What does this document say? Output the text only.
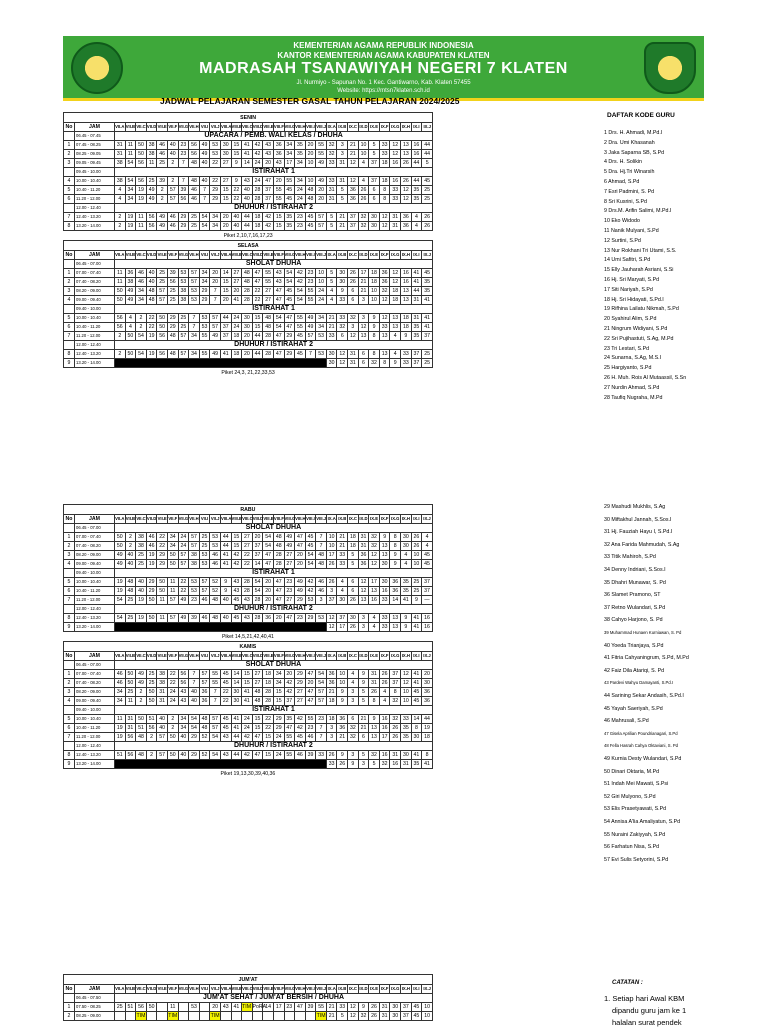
KEMENTERIAN AGAMA REPUBLIK INDONESIA
KANTOR KEMENTERIAN AGAMA KABUPATEN KLATEN
MADRASAH TSANAWIYAH NEGERI 7 KLATEN
Jl. Nurmiyo - Sapunan No. 1 Kec. Gantiwarno, Kab. Klaten 57455
Website: https://mtsn7klaten.sch.id
JADWAL PELAJARAN SEMESTER GASAL TAHUN PELAJARAN 2024/2025
DAFTAR KODE GURU
SENIN																															
No	JAM	VII.A	VII.B	VII.C	VII.D	VII.E	VII.F	VII.G	VII.H	VII.I	VII.J	VIII.A	VIII.B	VIII.C	VIII.D	VIII.E	VIII.F	VIII.G	VIII.H	VIII.I	VIII.J	IX.A	IX.B	IX.C	IX.D	IX.E	IX.F	IX.G	IX.H	IX.I	IX.J
	06.45 - 07.45	UPACARA / PEMB. WALI KELAS / DHUHA																													
1	07.45 - 08.25	31	11	50	38	46	40	23	56	49	53	30	15	41	42	43	36	34	35	20	55	32	3	21	10	5	33	12	13	16	44
2	08.25 - 09.05	31	11	50	38	46	40	23	56	49	53	30	15	41	42	43	36	34	35	20	55	32	3	21	10	5	33	12	13	16	44
3	09.05 - 09.45	38	54	56	11	25	2	7	48	40	22	27	9	14	24	20	43	17	34	10	49	33	31	12	4	37	18	16	26	44	5
	09.45 - 10.00	ISTIRAHAT 1																													
4	10.00 - 10.40	38	54	56	25	39	2	7	48	40	22	27	9	43	24	47	20	55	34	10	49	33	31	12	4	37	18	16	26	44	45
5	10.40 - 11.20	4	34	19	49	2	57	39	46	7	29	15	22	40	28	37	55	45	24	48	20	31	5	36	26	6	8	33	12	35	25
6	11.20 - 12.00	4	34	19	49	2	57	56	46	7	29	15	22	40	28	37	55	45	24	48	20	31	5	36	26	6	8	33	12	35	25
	12.00 - 12.40	DHUHUR / ISTIRAHAT 2																													
7	12.40 - 13.20	2	19	11	56	49	46	29	25	54	34	20	40	44	18	42	15	35	23	45	57	5	21	37	32	30	12	31	36	4	26
8	13.20 - 14.00	2	19	11	56	49	46	29	25	54	34	20	40	44	18	42	15	35	23	45	57	5	21	37	32	30	12	31	36	4	26
Piket 2,10,7,16,17,23																															
SELASA																															
No	JAM	VII.A	VII.B	VII.C	VII.D	VII.E	VII.F	VII.G	VII.H	VII.I	VII.J	VIII.A	VIII.B	VIII.C	VIII.D	VIII.E	VIII.F	VIII.G	VIII.H	VIII.I	VIII.J	IX.A	IX.B	IX.C	IX.D	IX.E	IX.F	IX.G	IX.H	IX.I	IX.J
	06.45 - 07.00	SHOLAT DHUHA																													
1	07.00 - 07.40	11	36	46	40	25	39	53	57	34	20	14	27	48	47	55	43	54	42	23	10	5	30	26	17	18	36	12	16	41	45
2	07.40 - 08.20	11	38	46	40	25	56	53	57	34	20	15	27	48	47	55	43	54	42	23	10	5	30	26	21	18	36	12	16	41	35
3	08.20 - 09.00	50	49	34	48	57	25	38	53	29	7	15	20	28	22	27	47	45	54	55	24	4	9	6	21	10	32	18	13	44	35
4	09.00 - 09.40	50	49	34	48	57	25	38	53	29	7	20	41	28	22	27	47	45	54	55	24	4	33	6	3	10	12	18	13	31	41
	09.40 - 10.00	ISTIRAHAT 1																													
5	10.00 - 10.40	56	4	2	22	50	29	25	7	53	57	44	24	30	15	48	54	47	55	49	34	21	33	32	3	9	12	13	18	31	41
6	10.40 - 11.20	56	4	2	22	50	29	25	7	53	57	37	24	30	15	48	54	47	55	49	34	21	32	3	12	9	33	13	18	35	41
7	11.20 - 12.00	2	50	54	19	56	48	57	34	55	49	37	18	20	44	28	47	29	45	57	53	33	6	12	13	8	13	4	9	35	37
	12.00 - 12.40	DHUHUR / ISTIRAHAT 2																													
8	12.40 - 13.20	2	50	54	19	56	48	57	34	55	49	41	18	20	44	28	47	29	45	7	53	30	12	31	6	8	13	4	33	37	25
9	13.20 - 14.00																					30	12	31	6	32	8	9	33	37	25
Piket 24,3, 21,22,33,53																															
RABU																															
No	JAM	VII.A	VII.B	VII.C	VII.D	VII.E	VII.F	VII.G	VII.H	VII.I	VII.J	VIII.A	VIII.B	VIII.C	VIII.D	VIII.E	VIII.F	VIII.G	VIII.H	VIII.I	VIII.J	IX.A	IX.B	IX.C	IX.D	IX.E	IX.F	IX.G	IX.H	IX.I	IX.J
	06.45 - 07.00	SHOLAT DHUHA																													
1	07.00 - 07.40	50	2	38	46	22	34	24	57	25	53	44	15	27	20	54	48	49	47	45	7	10	21	18	31	32	9	8	30	26	4
2	07.40 - 08.20	50	2	38	46	22	34	24	57	25	53	44	15	27	37	54	48	49	47	45	7	10	21	18	31	32	13	8	30	26	4
3	08.20 - 09.00	49	40	25	19	29	50	57	38	53	46	41	42	22	37	47	28	27	20	54	48	17	33	5	36	12	13	9	4	10	45
4	09.00 - 09.40	49	40	25	19	29	50	57	38	53	46	41	42	22	14	47	28	27	20	54	48	26	33	5	36	12	30	9	4	10	45
	09.40 - 10.00	ISTIRAHAT 1																													
5	10.00 - 10.40	19	48	40	29	50	11	22	53	57	52	9	43	28	54	20	47	23	49	42	46	26	4	6	12	17	30	36	35	25	37
6	10.40 - 11.20	19	48	40	29	50	11	22	53	57	52	9	43	28	54	20	47	23	49	42	46	3	4	6	12	13	16	36	35	25	37
7	11.20 - 12.00	54	25	19	50	11	57	49	23	46	48	40	45	43	28	20	47	27	29	53	3	37	30	26	13	16	33	14	41	9	—
	12.00 - 12.40	DHUHUR / ISTIRAHAT 2																													
8	12.40 - 13.20	54	25	19	50	11	57	49	39	46	48	40	45	43	28	36	20	47	23	29	53	12	37	30	3	4	33	13	9	41	16
9	13.20 - 14.00																					12	17	26	3	4	33	13	9	41	16
Piket 14,5,21,42,40,41																															
KAMIS																															
No	JAM	VII.A	VII.B	VII.C	VII.D	VII.E	VII.F	VII.G	VII.H	VII.I	VII.J	VIII.A	VIII.B	VIII.C	VIII.D	VIII.E	VIII.F	VIII.G	VIII.H	VIII.I	VIII.J	IX.A	IX.B	IX.C	IX.D	IX.E	IX.F	IX.G	IX.H	IX.I	IX.J
	06.45 - 07.00	SHOLAT DHUHA																													
1	07.00 - 07.40	46	50	49	25	38	22	56	7	57	55	45	14	15	27	18	34	20	29	47	54	36	10	4	9	31	26	37	12	41	20
2	07.40 - 08.20	46	50	49	25	38	22	56	7	57	55	45	14	15	27	18	34	42	29	20	54	36	10	4	9	31	26	37	12	41	30
3	08.20 - 09.00	34	25	2	50	31	24	43	40	36	7	22	30	41	48	28	15	42	27	47	57	21	9	3	5	26	4	8	10	45	36
4	09.00 - 09.40	34	11	2	50	31	24	43	40	36	7	22	30	41	48	28	15	37	27	47	57	18	9	3	5	8	4	32	10	45	36
	09.40 - 10.00	ISTIRAHAT 1																													
5	10.00 - 10.40	11	31	50	51	40	2	34	54	48	57	45	41	24	15	22	29	35	42	55	23	18	36	6	21	9	16	32	33	14	44
6	10.40 - 11.20	19	31	51	56	40	2	34	54	48	57	45	41	24	15	22	29	47	42	23	7	3	36	32	21	13	16	26	35	8	19
7	11.20 - 12.00	19	56	48	2	57	50	40	29	52	54	43	44	42	47	15	24	55	45	46	7	3	21	32	6	13	17	26	35	30	18
	12.00 - 12.40	DHUHUR / ISTIRAHAT 2																													
8	12.40 - 13.20	51	56	48	2	57	50	40	29	52	54	43	44	42	47	15	24	55	46	39	33	26	9	3	5	32	16	31	30	41	8
9	13.20 - 14.00																					33	26	9	3	5	32	16	31	35	41
Piket 19,13,30,39,40,36																															
JUM'AT																															
No	JAM	VII.A	VII.B	VII.C	VII.D	VII.E	VII.F	VII.G	VII.H	VII.I	VII.J	VIII.A	VIII.B	VIII.C	VIII.D	VIII.E	VIII.F	VIII.G	VIII.H	VIII.I	VIII.J	IX.A	IX.B	IX.C	IX.D	IX.E	IX.F	IX.G	IX.H	IX.I	IX.J
	06.45 - 07.50	JUM'AT SEHAT / JUM'AT BERSIH / DHUHA																													
1	07.50 - 08.25	25	51	56	50		11		53		20	43	41	TIM PoRA		14	17	23	47	39	55	21	33	12	9	26	31	30	37	45	10
2	08.25 - 09.00			TIM			TIM				TIM										TIM	21	5	12	32	26	31	30	37	45	10
1 Drs. H. Ahmadi, M.Pd.I
2 Dra. Umi Khasanah
3 Jaka Saparna SB, S.Pd
4 Drs. H. Solikin
5 Dra. Hj.Tri Winarsih
6 Ahmad, S.Pd
7 Esri Padmini, S. Pd
8 Sri Kusrini, S.Pd
9 Drs.M. Arifin Salimi, M.Pd.I
10 Eko Widodo
11 Nanik Mulyani, S.Pd
12 Surtini, S.Pd
13 Nur Rokhani Tri Utami, S.S.
14 Umi Safitri, S.Pd
15 Elly Jauharah Asriani, S.Si
16 Hj. Sri Maryati, S.Pd
17 Siti Nariyah, S.Pd
18 Hj. Sri Hidayati, S.Pd.I
19 Rifhina Lailatu Nikmah, S.Pd
20 Syahirul Alim, S.Pd
21 Ningrum Widiyani, S.Pd
22 Sri Pujihastuti, S.Ag, M.Pd
23 Tri Lestari, S.Pd
24 Sunarna, S.Ag, M.S.I
25 Hargiyanto, S.Pd
26 H. Muh. Rois Al Mutaassil, S.Sn
27 Nurdin Ahmad, S.Pd
28 Taufiq Nugraha, M.Pd
29 Mashudi Mukhlis, S.Ag
30 Miftakhul Jannah, S.Sos.I
31 Hj. Fauziah Hayu I, S.Pd.I
32 Ana Farida Mahmudah, S.Ag
33 Titik Mahiroh, S.Pd
34 Denny Indriani, S.Sos.I
35 Dhahri Munawar, S. Pd
36 Slamet Pramono, ST
37 Retno Wulandari, S.Pd
38 Cahyo Harjono, S. Pd
39 Muhammad Hunaen Kurniawan, S. Pd
40 Yoeda Trianjaya, S.Pd
41 Fitria Cahyaningrum, S.Pd, M.Pd
42 Faiz Dila Atariqi, S. Pd
43 Pardevi Wahyu Damayanti, S.Pd.I
44 Sarining Sekar Andasih, S.Pd.I
45 Yayah Saeriyah, S.Pd
46 Mahrusali, S.Pd
47 Gisela Aprilian Poundrianagari, S.Pd
48 Fella Hasrah Cahya Oktaviani, S. Pd
49 Kurnia Desty Wulandari, S.Pd
50 Dinari Oktaria, M.Pd
51 Indah Mei Mawati, S.Psi
52 Giri Mulyono, S.Pd
53 Elis Prasetyawati, S.Pd
54 Annisa A'lia Amaliyatun, S.Pd
55 Nuraini Zakiyyah, S.Pd
56 Farhatun Nisa, S.Pd
57 Evi Sulis Setyorini, S.Pd
CATATAN :
1. Setiap hari Awal KBM
dipandu guru jam ke 1
halalan surat pendek
